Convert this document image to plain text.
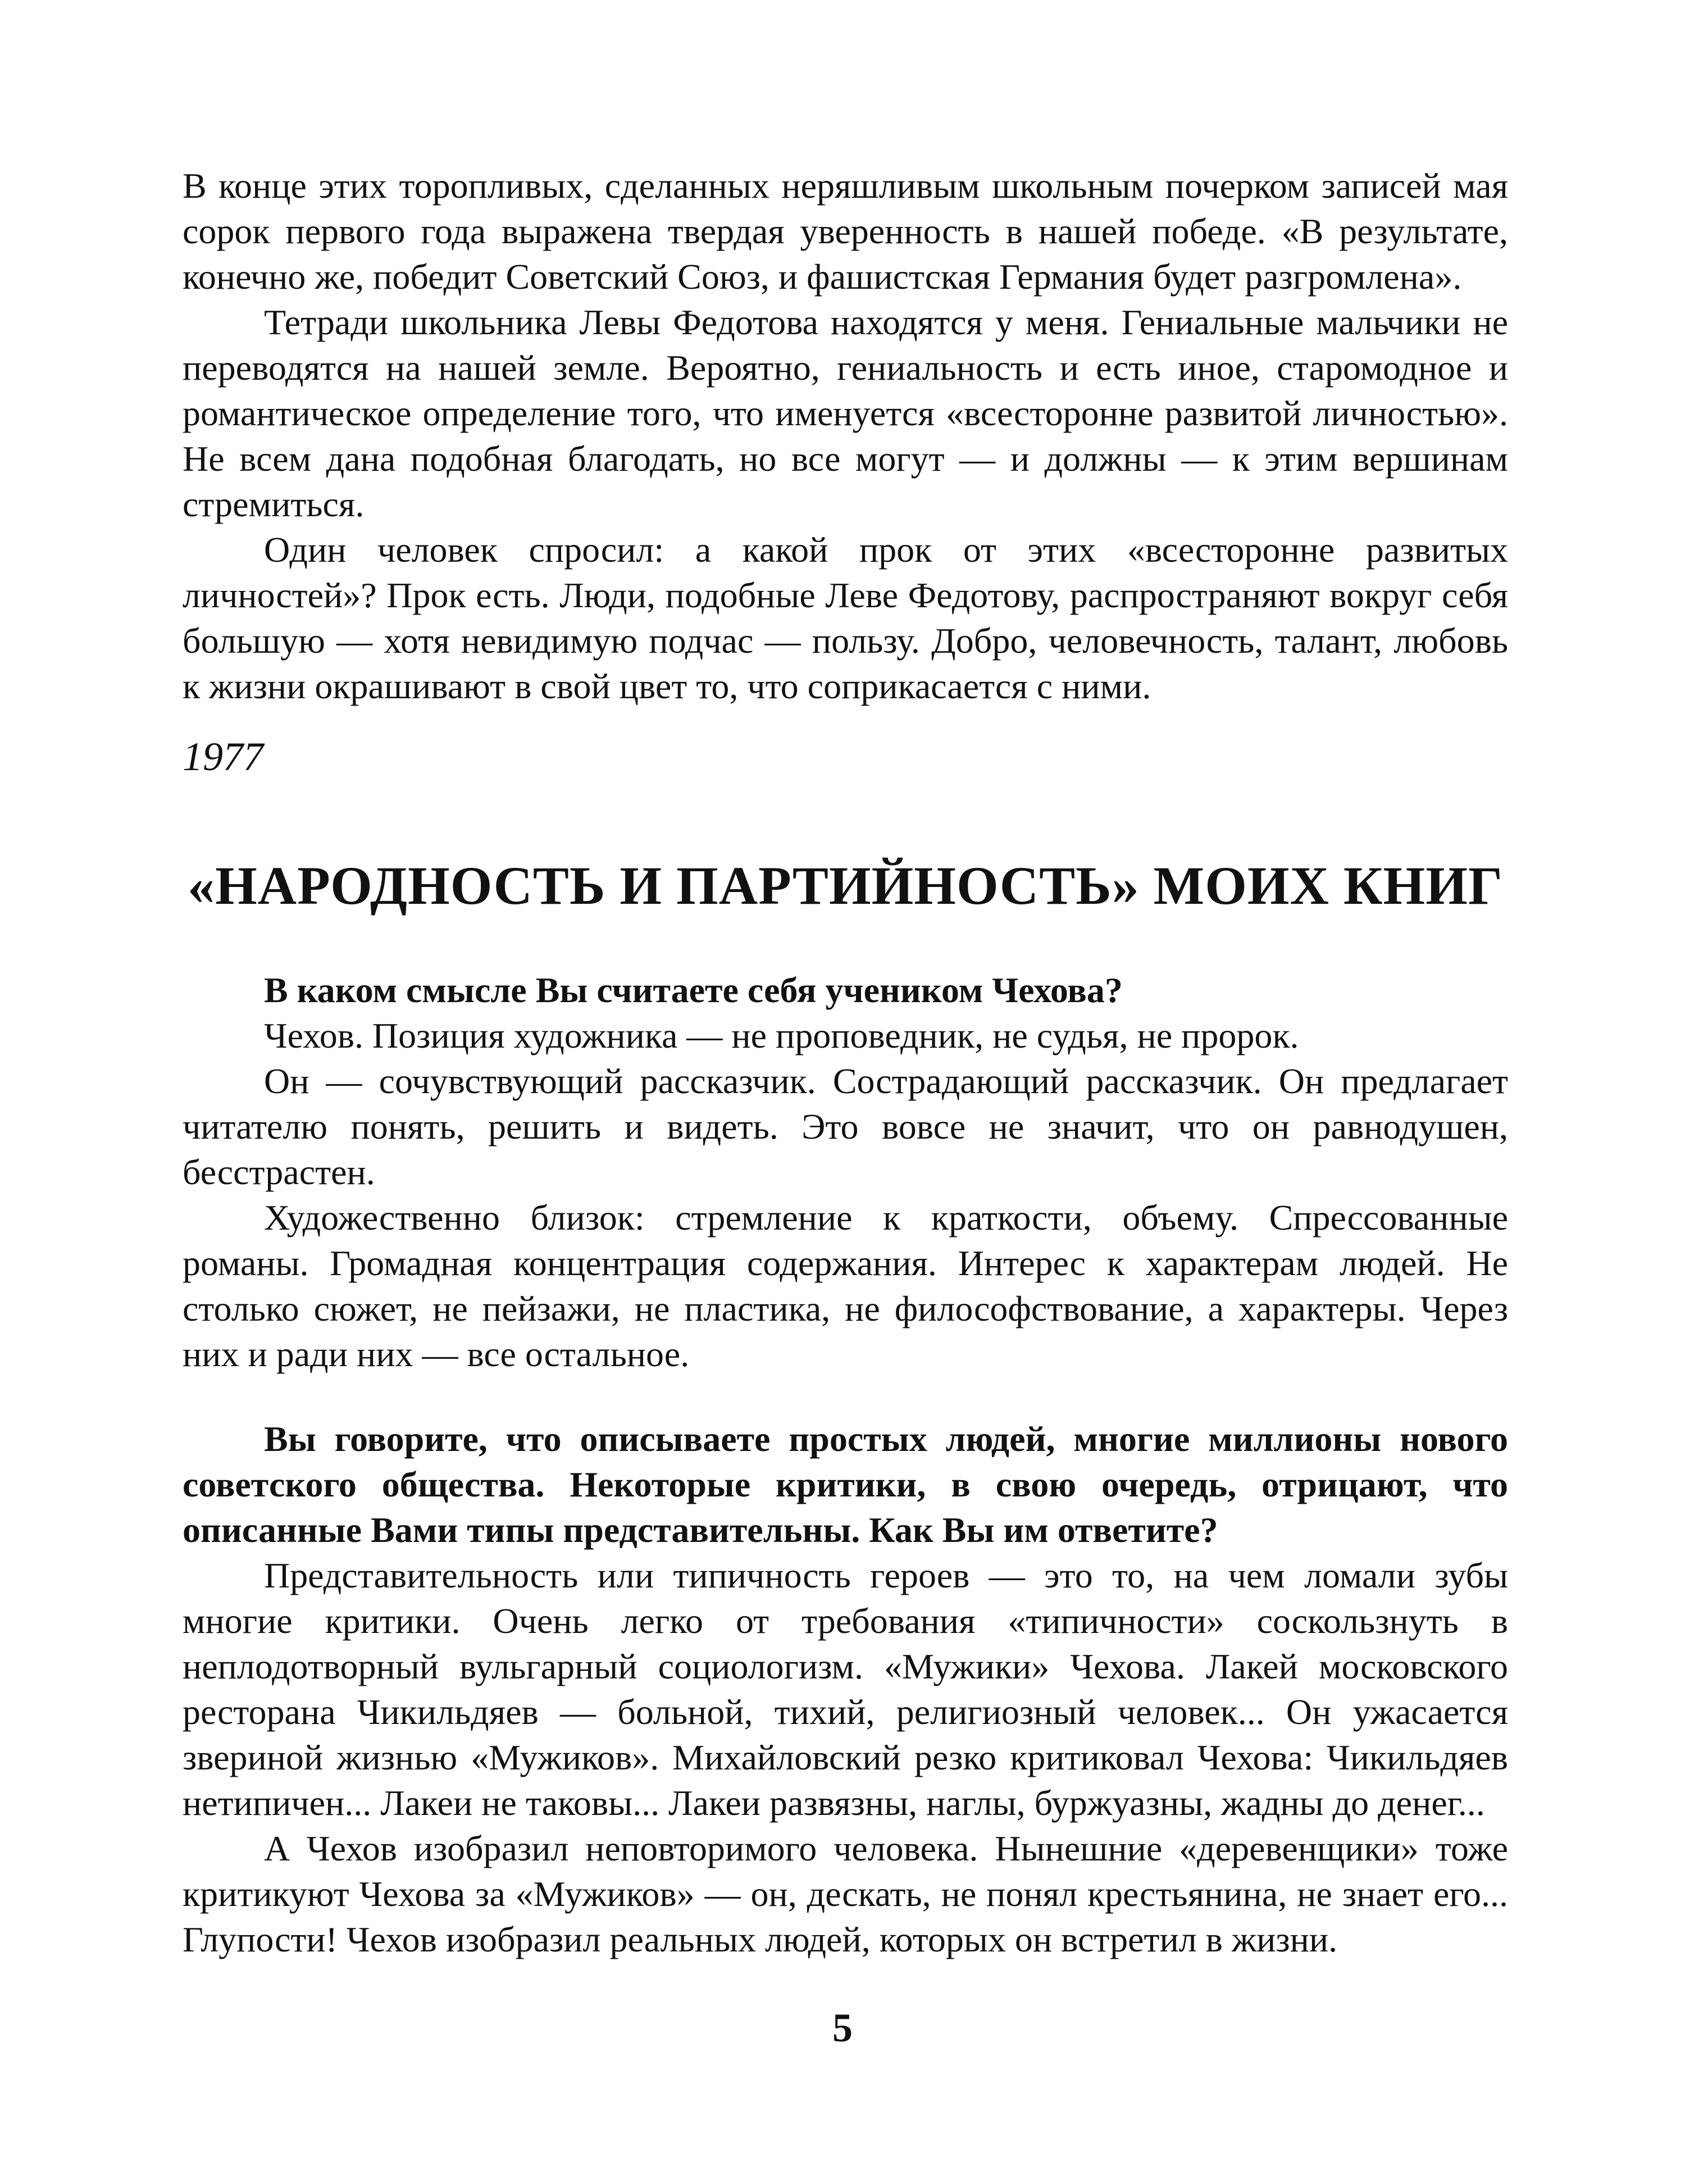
В конце этих торопливых, сделанных неряшливым школьным почерком записей мая сорок первого года выражена твердая уверенность в нашей победе. «В результате, конечно же, победит Советский Союз, и фашистская Германия будет разгромлена».

Тетради школьника Левы Федотова находятся у меня. Гениальные мальчики не переводятся на нашей земле. Вероятно, гениальность и есть иное, старомодное и романтическое определение того, что именуется «всесторонне развитой личностью». Не всем дана подобная благодать, но все могут — и должны — к этим вершинам стремиться.

Один человек спросил: а какой прок от этих «всесторонне развитых личностей»? Прок есть. Люди, подобные Леве Федотову, распространяют вокруг себя большую — хотя невидимую подчас — пользу. Добро, человечность, талант, любовь к жизни окрашивают в свой цвет то, что соприкасается с ними.

1977
«НАРОДНОСТЬ И ПАРТИЙНОСТЬ» МОИХ КНИГ

В каком смысле Вы считаете себя учеником Чехова?

Чехов. Позиция художника — не проповедник, не судья, не пророк.

Он — сочувствующий рассказчик. Сострадающий рассказчик. Он предлагает читателю понять, решить и видеть. Это вовсе не значит, что он равнодушен, бесстрастен.

Художественно близок: стремление к краткости, объему. Спрессованные романы. Громадная концентрация содержания. Интерес к характерам людей. Не столько сюжет, не пейзажи, не пластика, не философствование, а характеры. Через них и ради них — все остальное.

Вы говорите, что описываете простых людей, многие миллионы нового советского общества. Некоторые критики, в свою очередь, отрицают, что описанные Вами типы представительны. Как Вы им ответите?

Представительность или типичность героев — это то, на чем ломали зубы многие критики. Очень легко от требования «типичности» соскользнуть в неплодотворный вульгарный социологизм. «Мужики» Чехова. Лакей московского ресторана Чикильдяев — больной, тихий, религиозный человек... Он ужасается звериной жизнью «Мужиков». Михайловский резко критиковал Чехова: Чикильдяев нетипичен... Лакеи не таковы... Лакеи развязны, наглы, буржуазны, жадны до денег...

А Чехов изобразил неповторимого человека. Нынешние «деревенщики» тоже критикуют Чехова за «Мужиков» — он, дескать, не понял крестьянина, не знает его... Глупости! Чехов изобразил реальных людей, которых он встретил в жизни.

5
